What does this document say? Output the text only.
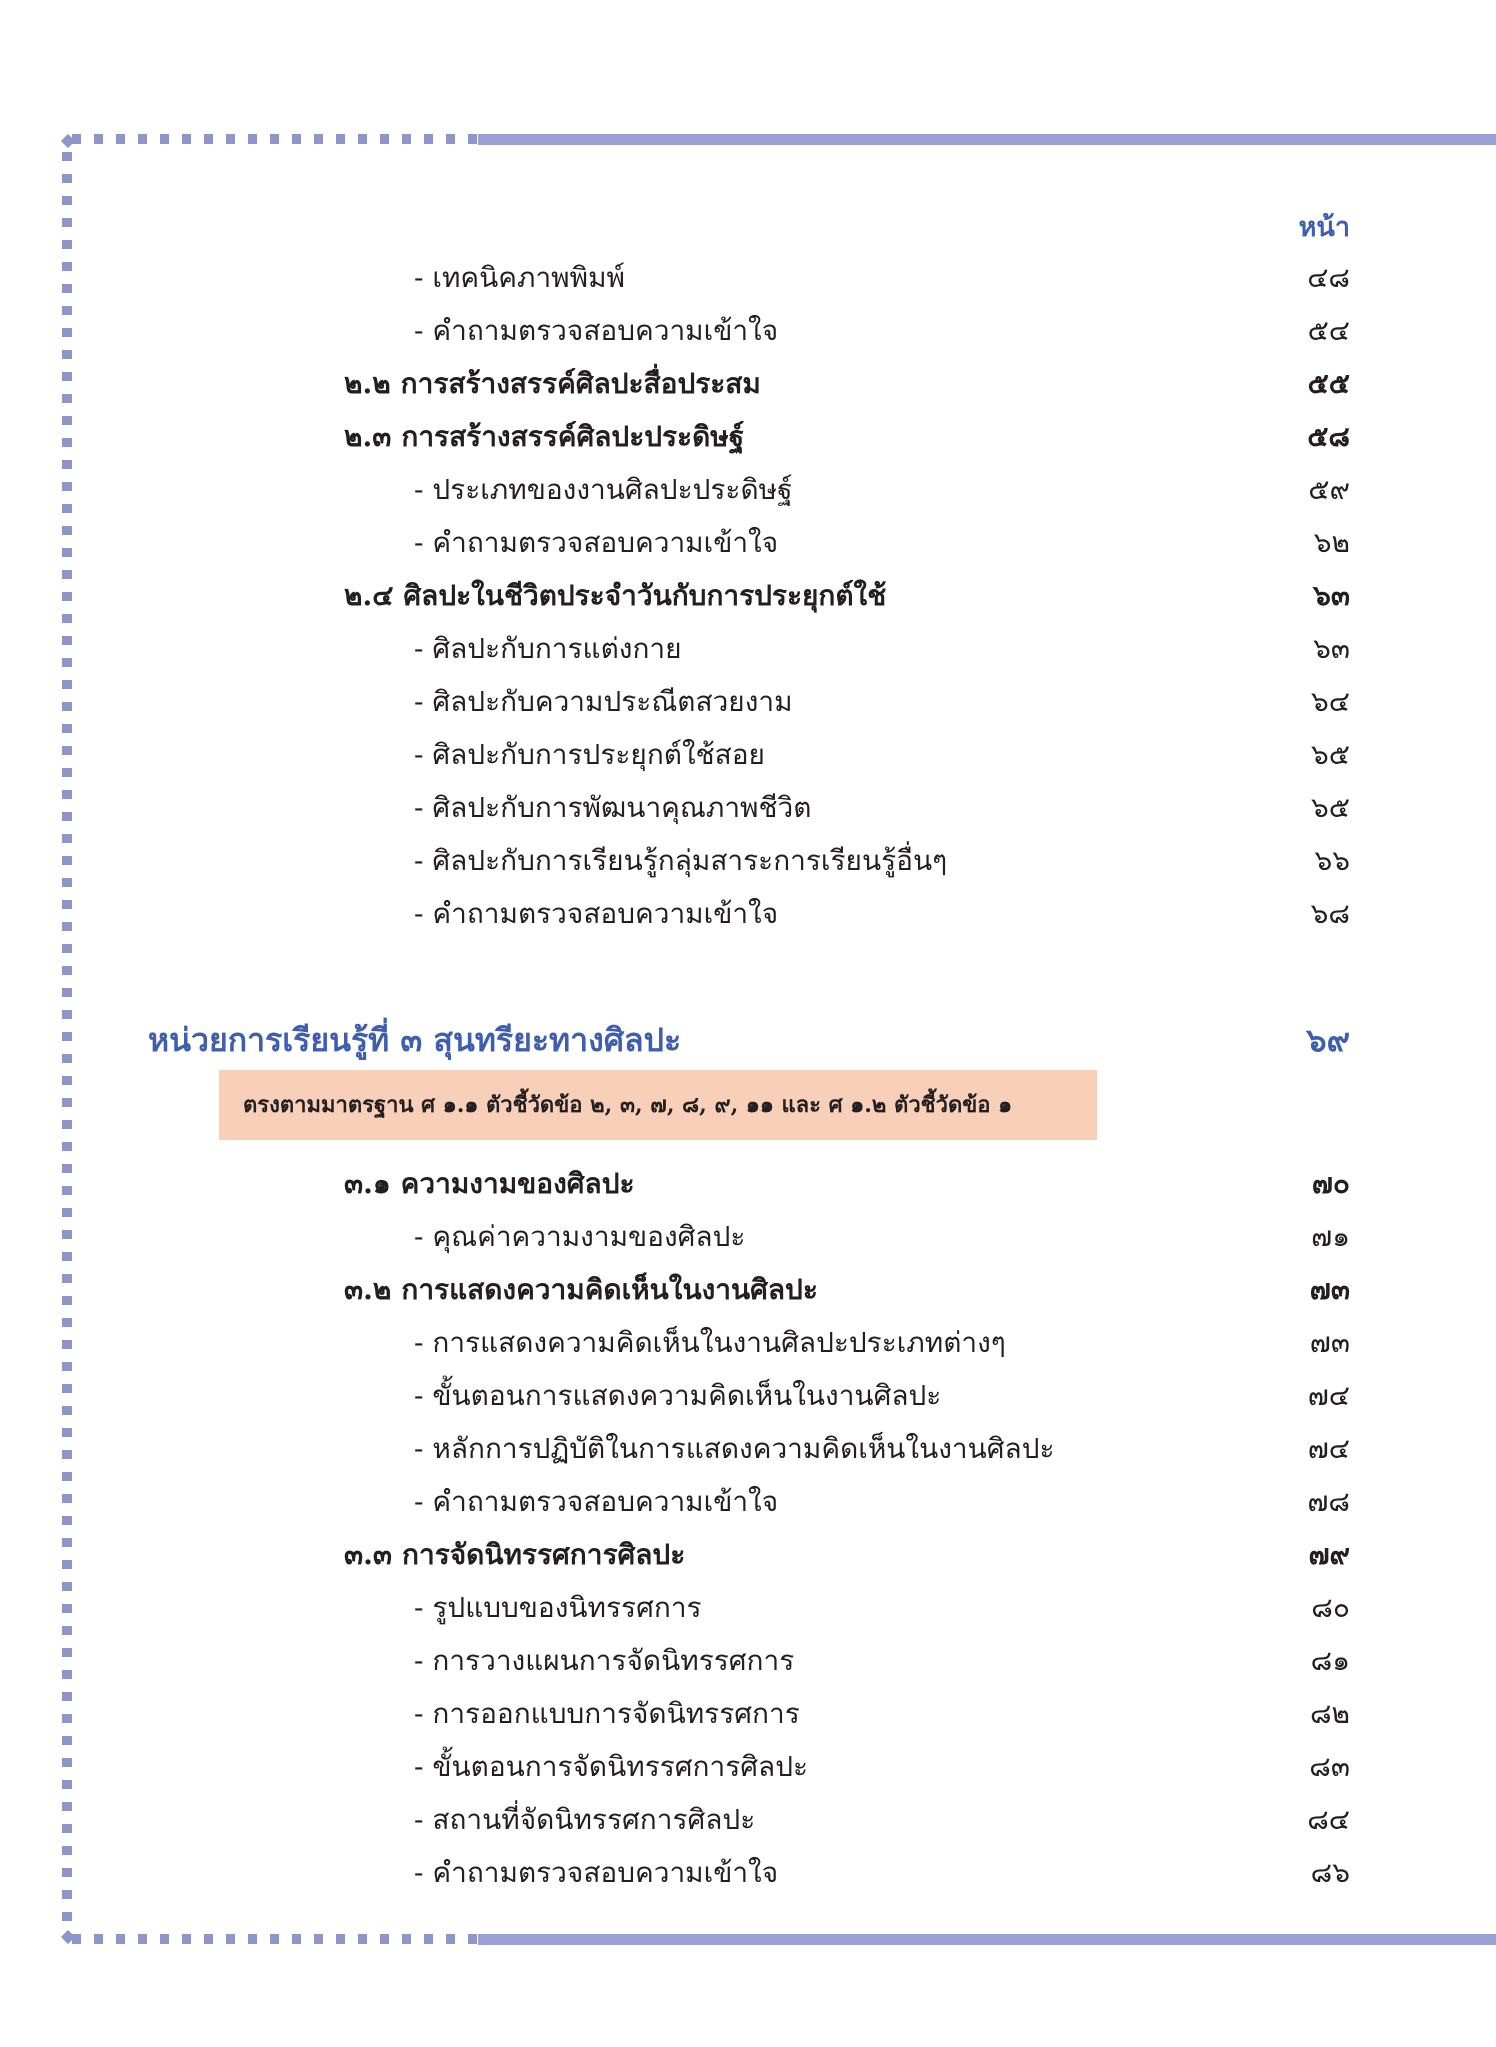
หน้า
- เทคนิคภาพพิมพ์	๔๘
- คำถามตรวจสอบความเข้าใจ	๕๔
๒.๒ การสร้างสรรค์ศิลปะสื่อประสม	๕๕
๒.๓ การสร้างสรรค์ศิลปะประดิษฐ์	๕๘
- ประเภทของงานศิลปะประดิษฐ์	๕๙
- คำถามตรวจสอบความเข้าใจ	๖๒
๒.๔ ศิลปะในชีวิตประจำวันกับการประยุกต์ใช้	๖๓
- ศิลปะกับการแต่งกาย	๖๓
- ศิลปะกับความประณีตสวยงาม	๖๔
- ศิลปะกับการประยุกต์ใช้สอย	๖๕
- ศิลปะกับการพัฒนาคุณภาพชีวิต	๖๕
- ศิลปะกับการเรียนรู้กลุ่มสาระการเรียนรู้อื่นๆ	๖๖
- คำถามตรวจสอบความเข้าใจ	๖๘
หน่วยการเรียนรู้ที่ ๓ สุนทรียะทางศิลปะ	๖๙
ตรงตามมาตรฐาน ศ ๑.๑ ตัวชี้วัดข้อ ๒, ๓, ๗, ๘, ๙, ๑๑ และ ศ ๑.๒ ตัวชี้วัดข้อ ๑
๓.๑ ความงามของศิลปะ	๗๐
- คุณค่าความงามของศิลปะ	๗๑
๓.๒ การแสดงความคิดเห็นในงานศิลปะ	๗๓
- การแสดงความคิดเห็นในงานศิลปะประเภทต่างๆ	๗๓
- ขั้นตอนการแสดงความคิดเห็นในงานศิลปะ	๗๔
- หลักการปฏิบัติในการแสดงความคิดเห็นในงานศิลปะ	๗๔
- คำถามตรวจสอบความเข้าใจ	๗๘
๓.๓ การจัดนิทรรศการศิลปะ	๗๙
- รูปแบบของนิทรรศการ	๘๐
- การวางแผนการจัดนิทรรศการ	๘๑
- การออกแบบการจัดนิทรรศการ	๘๒
- ขั้นตอนการจัดนิทรรศการศิลปะ	๘๓
- สถานที่จัดนิทรรศการศิลปะ	๘๔
- คำถามตรวจสอบความเข้าใจ	๘๖
